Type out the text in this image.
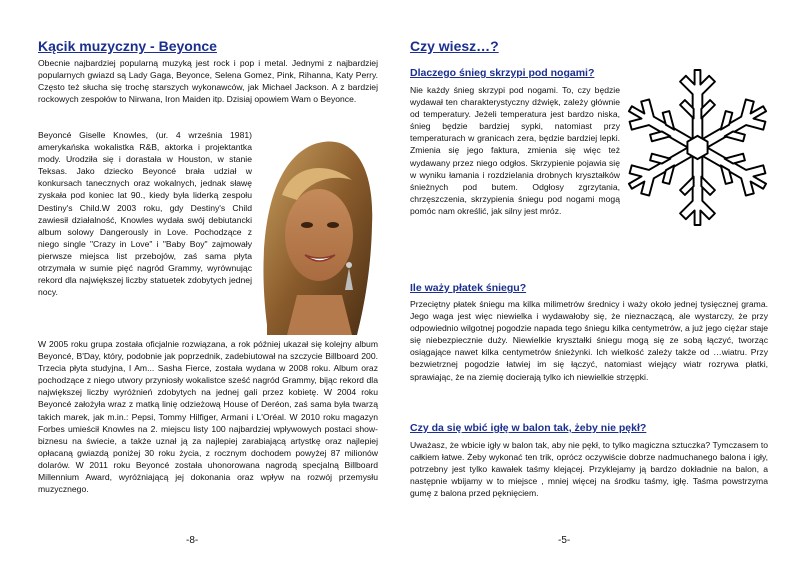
Kącik muzyczny - Beyonce

Obecnie najbardziej popularną muzyką jest rock i pop i metal. Jednymi z najbardziej popularnych gwiazd są Lady Gaga, Beyonce, Selena Gomez, Pink, Rihanna, Katy Perry. Często też słucha się trochę starszych wykonawców, jak Michael Jackson. A z bardziej rockowych zespołów to Nirwana, Iron Maiden itp. Dzisiaj opowiem Wam o Beyonce.

Beyoncé Giselle Knowles, (ur. 4 września 1981) amerykańska wokalistka R&B, aktorka i projektantka mody. Urodziła się i dorastała w Houston, w stanie Teksas. Jako dziecko Beyoncé brała udział w konkursach tanecznych oraz wokalnych, jednak sławę zyskała pod koniec lat 90., kiedy była liderką zespołu Destiny's Child.W 2003 roku, gdy Destiny's Child zawiesił działalność, Knowles wydała swój debiutancki album solowy Dangerously in Love. Pochodzące z niego single "Crazy in Love" i "Baby Boy" zajmowały pierwsze miejsca list przebojów, zaś sama płyta otrzymała w sumie pięć nagród Grammy, wyrównując rekord dla największej liczby statuetek zdobytych jednej nocy.

W 2005 roku grupa została oficjalnie rozwiązana, a rok później ukazał się kolejny album Beyoncé, B'Day, który, podobnie jak poprzednik, zadebiutował na szczycie Billboard 200. Trzecia płyta studyjna, I Am... Sasha Fierce, została wydana w 2008 roku. Album oraz pochodzące z niego utwory przyniosły wokalistce sześć nagród Grammy, bijąc rekord dla największej liczby wyróżnień zdobytych na jednej gali przez kobietę. W 2004 roku Beyoncé założyła wraz z matką linię odzieżową House of Deréon, zaś sama była twarzą takich marek, jak m.in.: Pepsi, Tommy Hilfiger, Armani i L'Oréal. W 2010 roku magazyn Forbes umieścił Knowles na 2. miejscu listy 100 najbardziej wpływowych postaci show-biznesu na świecie, a także uznał ją za najlepiej zarabiającą artystkę oraz najlepiej opłacaną gwiazdą poniżej 30 roku życia, z rocznym dochodem powyżej 87 milionów dolarów. W 2011 roku Beyoncé została uhonorowana nagrodą specjalną Billboard Millennium Award, wyróżniającą jej dokonania oraz wpływ na rozwój przemysłu muzycznego.

-8-
Czy wiesz…?
Dlaczego śnieg skrzypi pod nogami?

Nie każdy śnieg skrzypi pod nogami. To, czy będzie wydawał ten charakterystyczny dźwięk, zależy głównie od temperatury. Jeżeli temperatura jest bardzo niska, śnieg będzie bardziej sypki, natomiast przy temperaturach w granicach zera, będzie bardziej lepki. Zmienia się jego faktura, zmienia się więc też wydawany przez niego odgłos. Skrzypienie pojawia się w wyniku łamania i rozdzielania drobnych kryształków śnieżnych pod butem. Odgłosy zgrzytania, chrzęszczenia, skrzypienia śniegu pod nogami mogą pomóc nam określić, jak silny jest mróz.

Ile waży płatek śniegu?

Przeciętny płatek śniegu ma kilka milimetrów średnicy i waży około jednej tysięcznej grama. Jego waga jest więc niewielka i wydawałoby się, że nieznaczącą, ale wystarczy, że przy odpowiednio wilgotnej pogodzie napada tego śniegu kilka centymetrów, a już jego ciężar staje się niebezpiecznie duży. Niewielkie kryształki śniegu mogą się ze sobą łączyć, tworząc osiągające nawet kilka centymetrów śnieżynki. Ich wielkość zależy także od …wiatru. Przy bezwietrznej pogodzie łatwiej im się łączyć, natomiast wiejący wiatr rozrywa płatki, sprawiając, że na ziemię docierają tylko ich niewielkie strzępki.

Czy da się wbić igłę w balon tak, żeby nie pękł?

Uważasz, że wbicie igły w balon tak, aby nie pękł, to tylko magiczna sztuczka? Tymczasem to całkiem łatwe. Żeby wykonać ten trik, oprócz oczywiście dobrze nadmuchanego balona i igły, potrzebny jest tylko kawałek taśmy klejącej. Przyklejamy ją bardzo dokładnie na balon, a następnie wbijamy w to miejsce , mniej więcej na środku taśmy, igłę. Taśma powstrzyma gumę z balona przed pęknięciem.

-5-
